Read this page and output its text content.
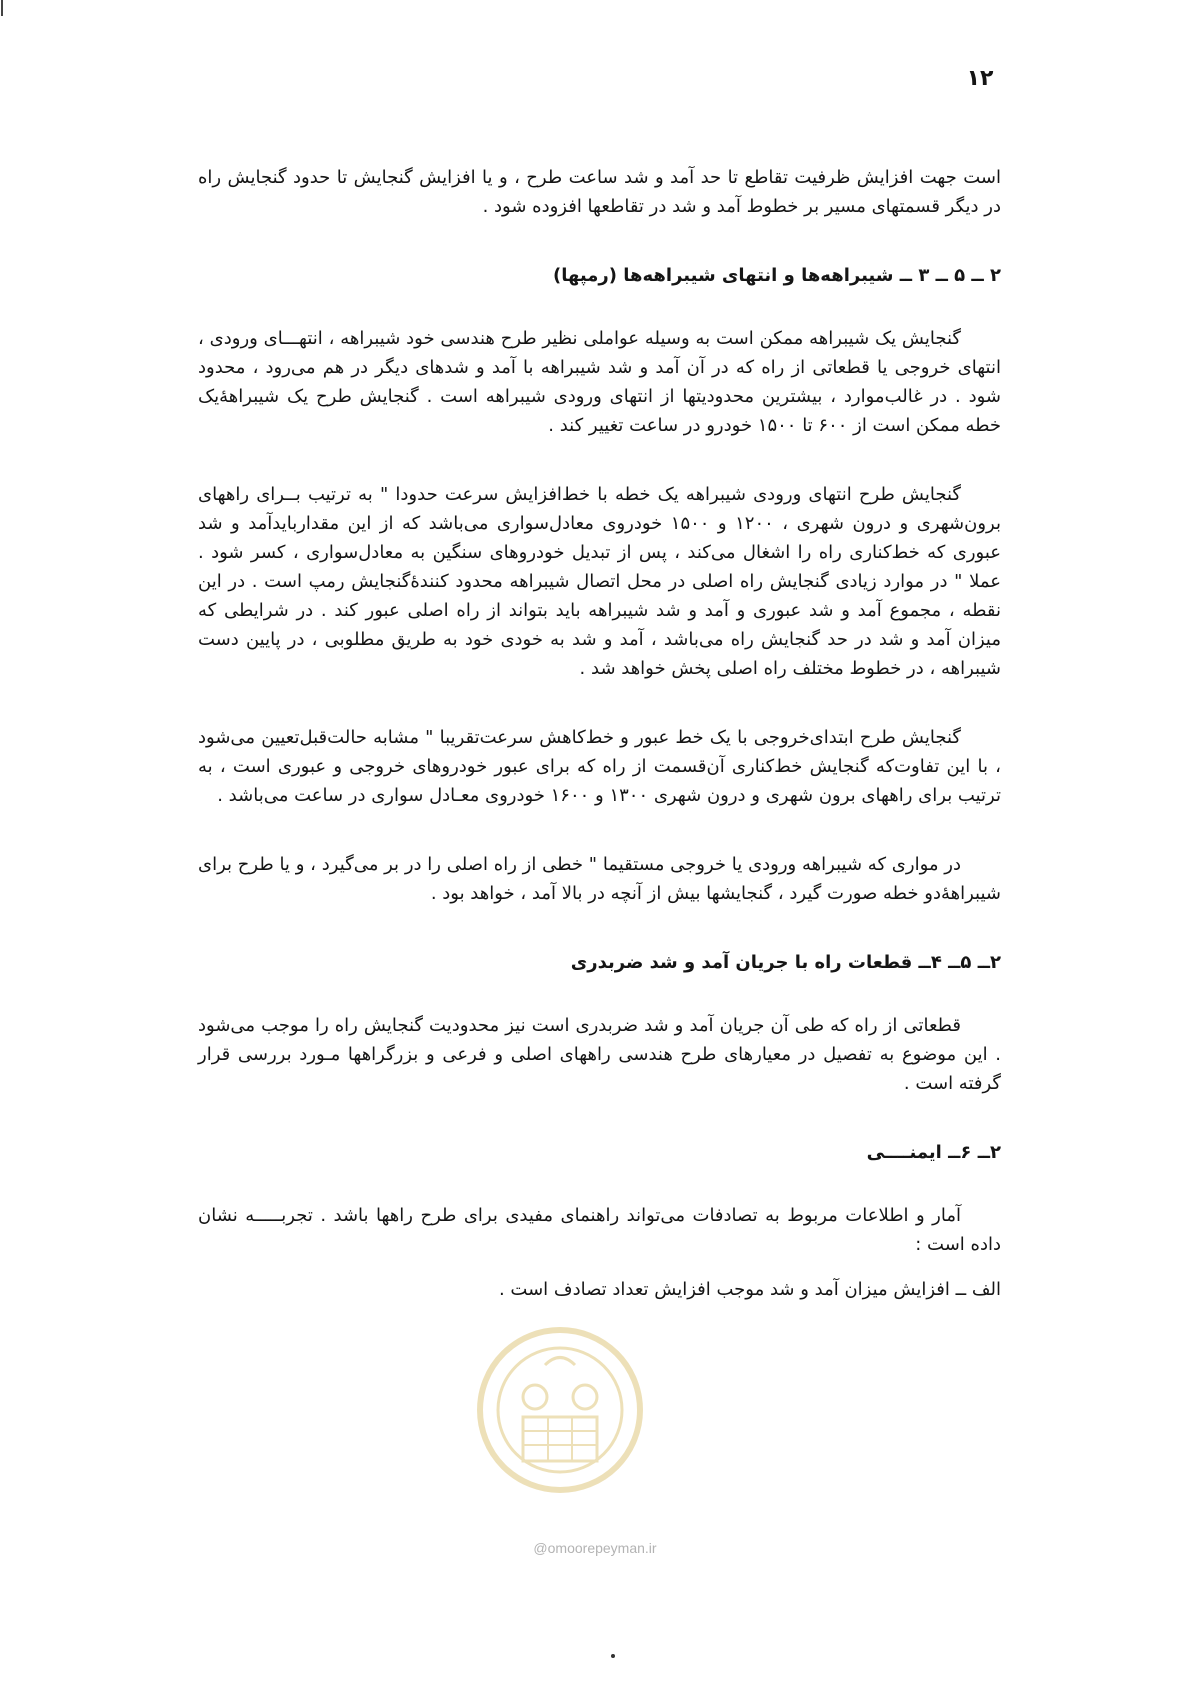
۱۲

است جهت افزایش ظرفیت تقاطع تا حد آمد و شد ساعت طرح ، و یا افزایش گنجایش تا حدود گنجایش راه در دیگر قسمتهای مسیر بر خطوط آمد و شد در تقاطعها افزوده شود .

۲ ــ ۵ ــ ۳ ــ شیبراهه‌ها و انتهای شیبراهه‌ها (رمپها)

گنجایش یک شیبراهه ممکن است به وسیله عواملی نظیر طرح هندسی خود شیبراهه ، انتهـــای ورودی ، انتهای خروجی یا قطعاتی از راه که در آن آمد و شد شیبراهه با آمد و شدهای دیگر در هم می‌رود ، محدود شود . در غالب‌موارد ، بیشترین محدودیتها از انتهای ورودی شیبراهه است . گنجایش طرح یک شیبراهه‌ٔیک خطه ممکن است از ۶۰۰ تا ۱۵۰۰ خودرو در ساعت تغییر کند .

گنجایش طرح انتهای ورودی شیبراهه یک خطه با خط‌افزایش سرعت حدودا " به ترتیب بــرای راههای برون‌شهری و درون شهری ، ۱۲۰۰ و ۱۵۰۰ خودروی معادل‌سواری می‌باشد که از این مقداربایدآمد و شد عبوری که خط‌کناری راه را اشغال می‌کند ، پس از تبدیل خودروهای سنگین به معادل‌سواری ، کسر شود . عملا " در موارد زیادی گنجایش راه اصلی در محل اتصال شیبراهه محدود کننده‌ٔگنجایش رمپ است . در این نقطه ، مجموع آمد و شد عبوری و آمد و شد شیبراهه باید بتواند از راه اصلی عبور کند . در شرایطی که میزان آمد و شد در حد گنجایش راه می‌باشد ، آمد و شد به خودی خود به طریق مطلوبی ، در پایین دست شیبراهه ، در خطوط مختلف راه اصلی پخش خواهد شد .

گنجایش طرح ابتدای‌خروجی با یک خط عبور و خط‌کاهش سرعت‌تقریبا " مشابه حالت‌قبل‌تعیین می‌شود ، با این تفاوت‌که گنجایش خط‌کناری آن‌قسمت از راه که برای عبور خودروهای خروجی و عبوری است ، به ترتیب برای راههای برون شهری و درون شهری ۱۳۰۰ و ۱۶۰۰ خودروی معـادل سواری در ساعت می‌باشد .

در مواری که شیبراهه ورودی یا خروجی مستقیما " خطی از راه اصلی را در بر می‌گیرد ، و یا طرح برای شیبراهه‌ٔدو خطه صورت گیرد ، گنجایشها بیش از آنچه در بالا آمد ، خواهد بود .

۲ــ ۵ــ ۴ــ قطعات راه با جریان آمد و شد ضربدری

قطعاتی از راه که طی آن جریان آمد و شد ضربدری است نیز محدودیت گنجایش راه را موجب می‌شود . این موضوع به تفصیل در معیارهای طرح هندسی راههای اصلی و فرعی و بزرگراهها مـورد بررسی قرار گرفته است .

۲ــ ۶ــ ایمنــــی

آمار و اطلاعات مربوط به تصادفات می‌تواند راهنمای مفیدی برای طرح راهها باشد . تجربـــــه نشان داده است :

الف ــ افزایش میزان آمد و شد موجب افزایش تعداد تصادف است .

@omoorepeyman.ir
